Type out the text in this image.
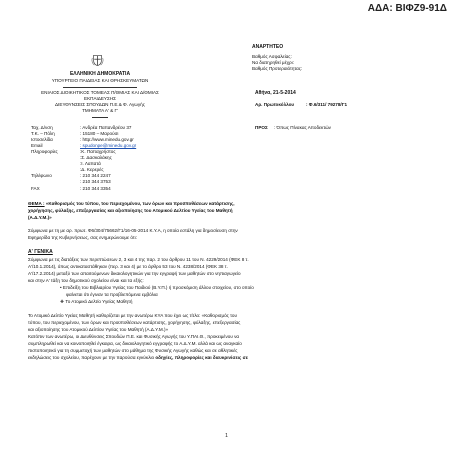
ΑΔΑ: ΒΙΦΖ9-91Δ
ΑΝΑΡΤΗΤΕΟ
Βαθμός Ασφαλείας:
Να διατηρηθεί μέχρι:
Βαθμός Προτεραιότητας:
ΕΛΛΗΝΙΚΗ ΔΗΜΟΚΡΑΤΙΑ
ΥΠΟΥΡΓΕΙΟ ΠΑΙΔΕΙΑΣ ΚΑΙ ΘΡΗΣΚΕΥΜΑΤΩΝ
ΕΝΙΑΙΟΣ ΔΙΟΙΚΗΤΙΚΟΣ ΤΟΜΕΑΣ Π/ΘΜΙΑΣ ΚΑΙ Δ/ΘΜΙΑΣ
ΕΚΠΑΙΔΕΥΣΗΣ
ΔΙΕΥΘΥΝΣΕΙΣ ΣΠΟΥΔΩΝ Π.Ε.& Φ. Αγωγής
ΤΜΗΜΑΤΑ Α' & Γ'
Αθήνα, 21-5-2014
Αρ. Πρωτοκόλλου	: Φ.6/311/ 79278/Γ1
Ταχ. Δ/νση	: Ανδρέα Παπανδρέου 37
Τ.Κ. – Πόλη	: 15180 – Μαρούσι
Ιστοσελίδα	: http://www.minedu.gov.gr
Email	: spudonpe@minedu.gov.gr
Πληροφορίες	:Κ. Παπαχρήστος
:Σ. Δασκαλάκης
:Ι. Λαπατά
:Δ. Κερερές
Τηλέφωνο	: 210 344 2247
: 210 344 3753
FAX	: 210 344 3354
ΠΡΟΣ : Όπως Πίνακας Αποδεκτών
ΘΕΜΑ : «Καθορισμός του τύπου, του περιεχομένου, των όρων και προϋποθέσεων κατάρτισης,
χορήγησης, φύλαξης, επεξεργασίας και αξιοποίησης του Ατομικού Δελτίου Υγείας του Μαθητή
(Α.Δ.Υ.Μ.)»
Σύμφωνα με τη με αρ. πρωτ. Φ6/304/75662/Γ1/16-05-2014 Κ.Υ.Α, η οποία εστάλη για δημοσίευση στην
Εφημερίδα της Κυβερνήσεως, σας ενημερώνουμε ότι:
Α' ΓΕΝΙΚΑ
Σύμφωνα με τις διατάξεις των περιπτώσεων 2, 3 και 4 της παρ. 2 του άρθρου 11 του Ν. 4229/2014 (ΦΕΚ 8 τ.
Α'/10.1.2014), όπως αντικαταστάθηκαν (περ. 3 και 4) με το άρθρο 53 του Ν. 4238/2014 (ΦΕΚ 38 τ.
Α'/17.2.2014) μεταξύ των απαιτούμενων δικαιολογητικών για την εγγραφή των μαθητών στο νηπιαγωγείο
και στην Α' τάξη του δημοτικού σχολείου είναι και τα εξής:
• Επιδείξη του Βιβλιαρίου Υγείας του Παιδιού (Β.Υ.Π.) ή προσκόμιση άλλου στοιχείου, στο οποίο
φαίνεται ότι έγιναν τα προβλεπόμενα εμβόλια
❖ Το Ατομικό Δελτίο Υγείας Μαθητή
Το Ατομικό Δελτίο Υγείας Μαθητή καθορίζεται με την ανωτέρω ΚΥΑ που έχει ως τίτλο: «Καθορισμός του
τύπου, του περιεχομένου, των όρων και προϋποθέσεων κατάρτισης, χορήγησης, φύλαξης, επεξεργασίας
και αξιοποίησης του Ατομικού Δελτίου Υγείας του Μαθητή (Α.Δ.Υ.Μ.)»
Κατόπιν των ανωτέρω, οι Διευθύνσεις Σπουδών Π.Ε. και Φυσικής Αγωγής του Υ.ΠΑΙ.Θ., προκειμένου να
συμπληρωθεί και να κοινοποιηθεί έγκαιρα, ως δικαιολογητικό εγγραφής το Α.Δ.Υ.Μ. αλλά και ως αναγκαίο
πιστοποιητικό για τη συμμετοχή των μαθητών στο μάθημα της Φυσικής Αγωγής καθώς και σε αθλητικές
εκδηλώσεις του σχολείου, παρέχουν με την παρούσα εγκύκλιο οδηγίες, πληροφορίες και διευκρινίσεις σε
1
